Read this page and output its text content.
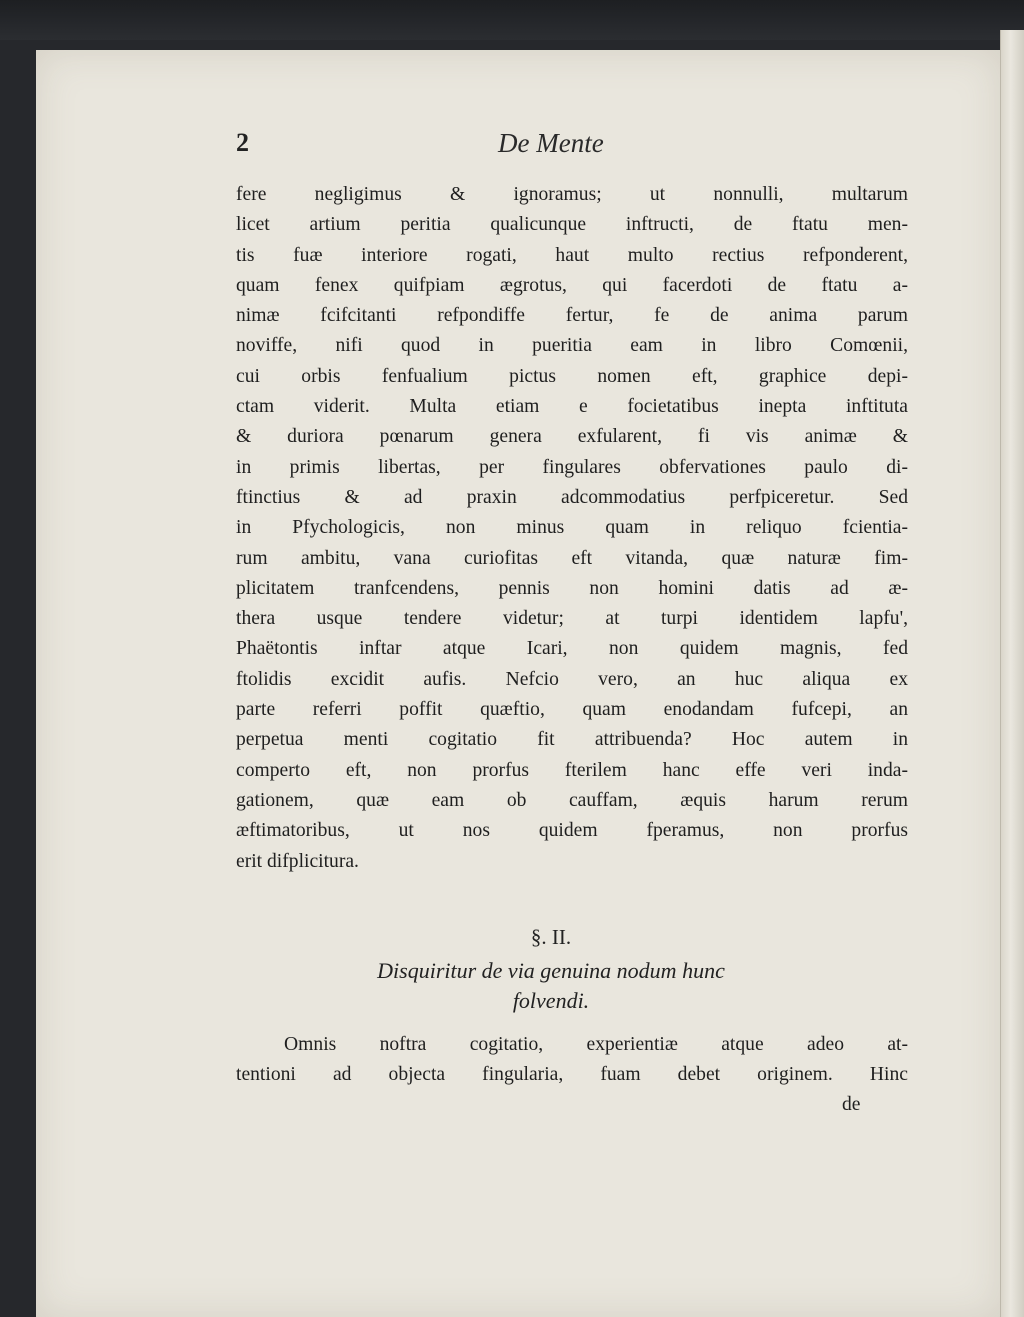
2	De Mente
fere negligimus & ignoramus; ut nonnulli, multarum
licet artium peritia qualicunque inftructi, de ftatu men-
tis fuæ interiore rogati, haut multo rectius refponderent,
quam fenex quifpiam ægrotus, qui facerdoti de ftatu a-
nimæ fcifcitanti refpondiffe fertur, fe de anima parum
noviffe, nifi quod in pueritia eam in libro Comœnii,
cui orbis fenfualium pictus nomen eft, graphice depi-
ctam viderit. Multa etiam e focietatibus inepta inftituta
& duriora pœnarum genera exfularent, fi vis animæ &
in primis libertas, per fingulares obfervationes paulo di-
ftinctius & ad praxin adcommodatius perfpiceretur. Sed
in Pfychologicis, non minus quam in reliquo fcientia-
rum ambitu, vana curiofitas eft vitanda, quæ naturæ fim-
plicitatem tranfcendens, pennis non homini datis ad æ-
thera usque tendere videtur; at turpi identidem lapfu',
Phaëtontis inftar atque Icari, non quidem magnis, fed
ftolidis excidit aufis. Nefcio vero, an huc aliqua ex
parte referri poffit quæftio, quam enodandam fufcepi, an
perpetua menti cogitatio fit attribuenda? Hoc autem in
comperto eft, non prorfus fterilem hanc effe veri inda-
gationem, quæ eam ob cauffam, æquis harum rerum
æftimatoribus, ut nos quidem fperamus, non prorfus
erit difplicitura.
§. II.
Disquiritur de via genuina nodum hunc
folvendi.
Omnis noftra cogitatio, experientiæ atque adeo at-
tentioni ad objecta fingularia, fuam debet originem. Hinc
de
